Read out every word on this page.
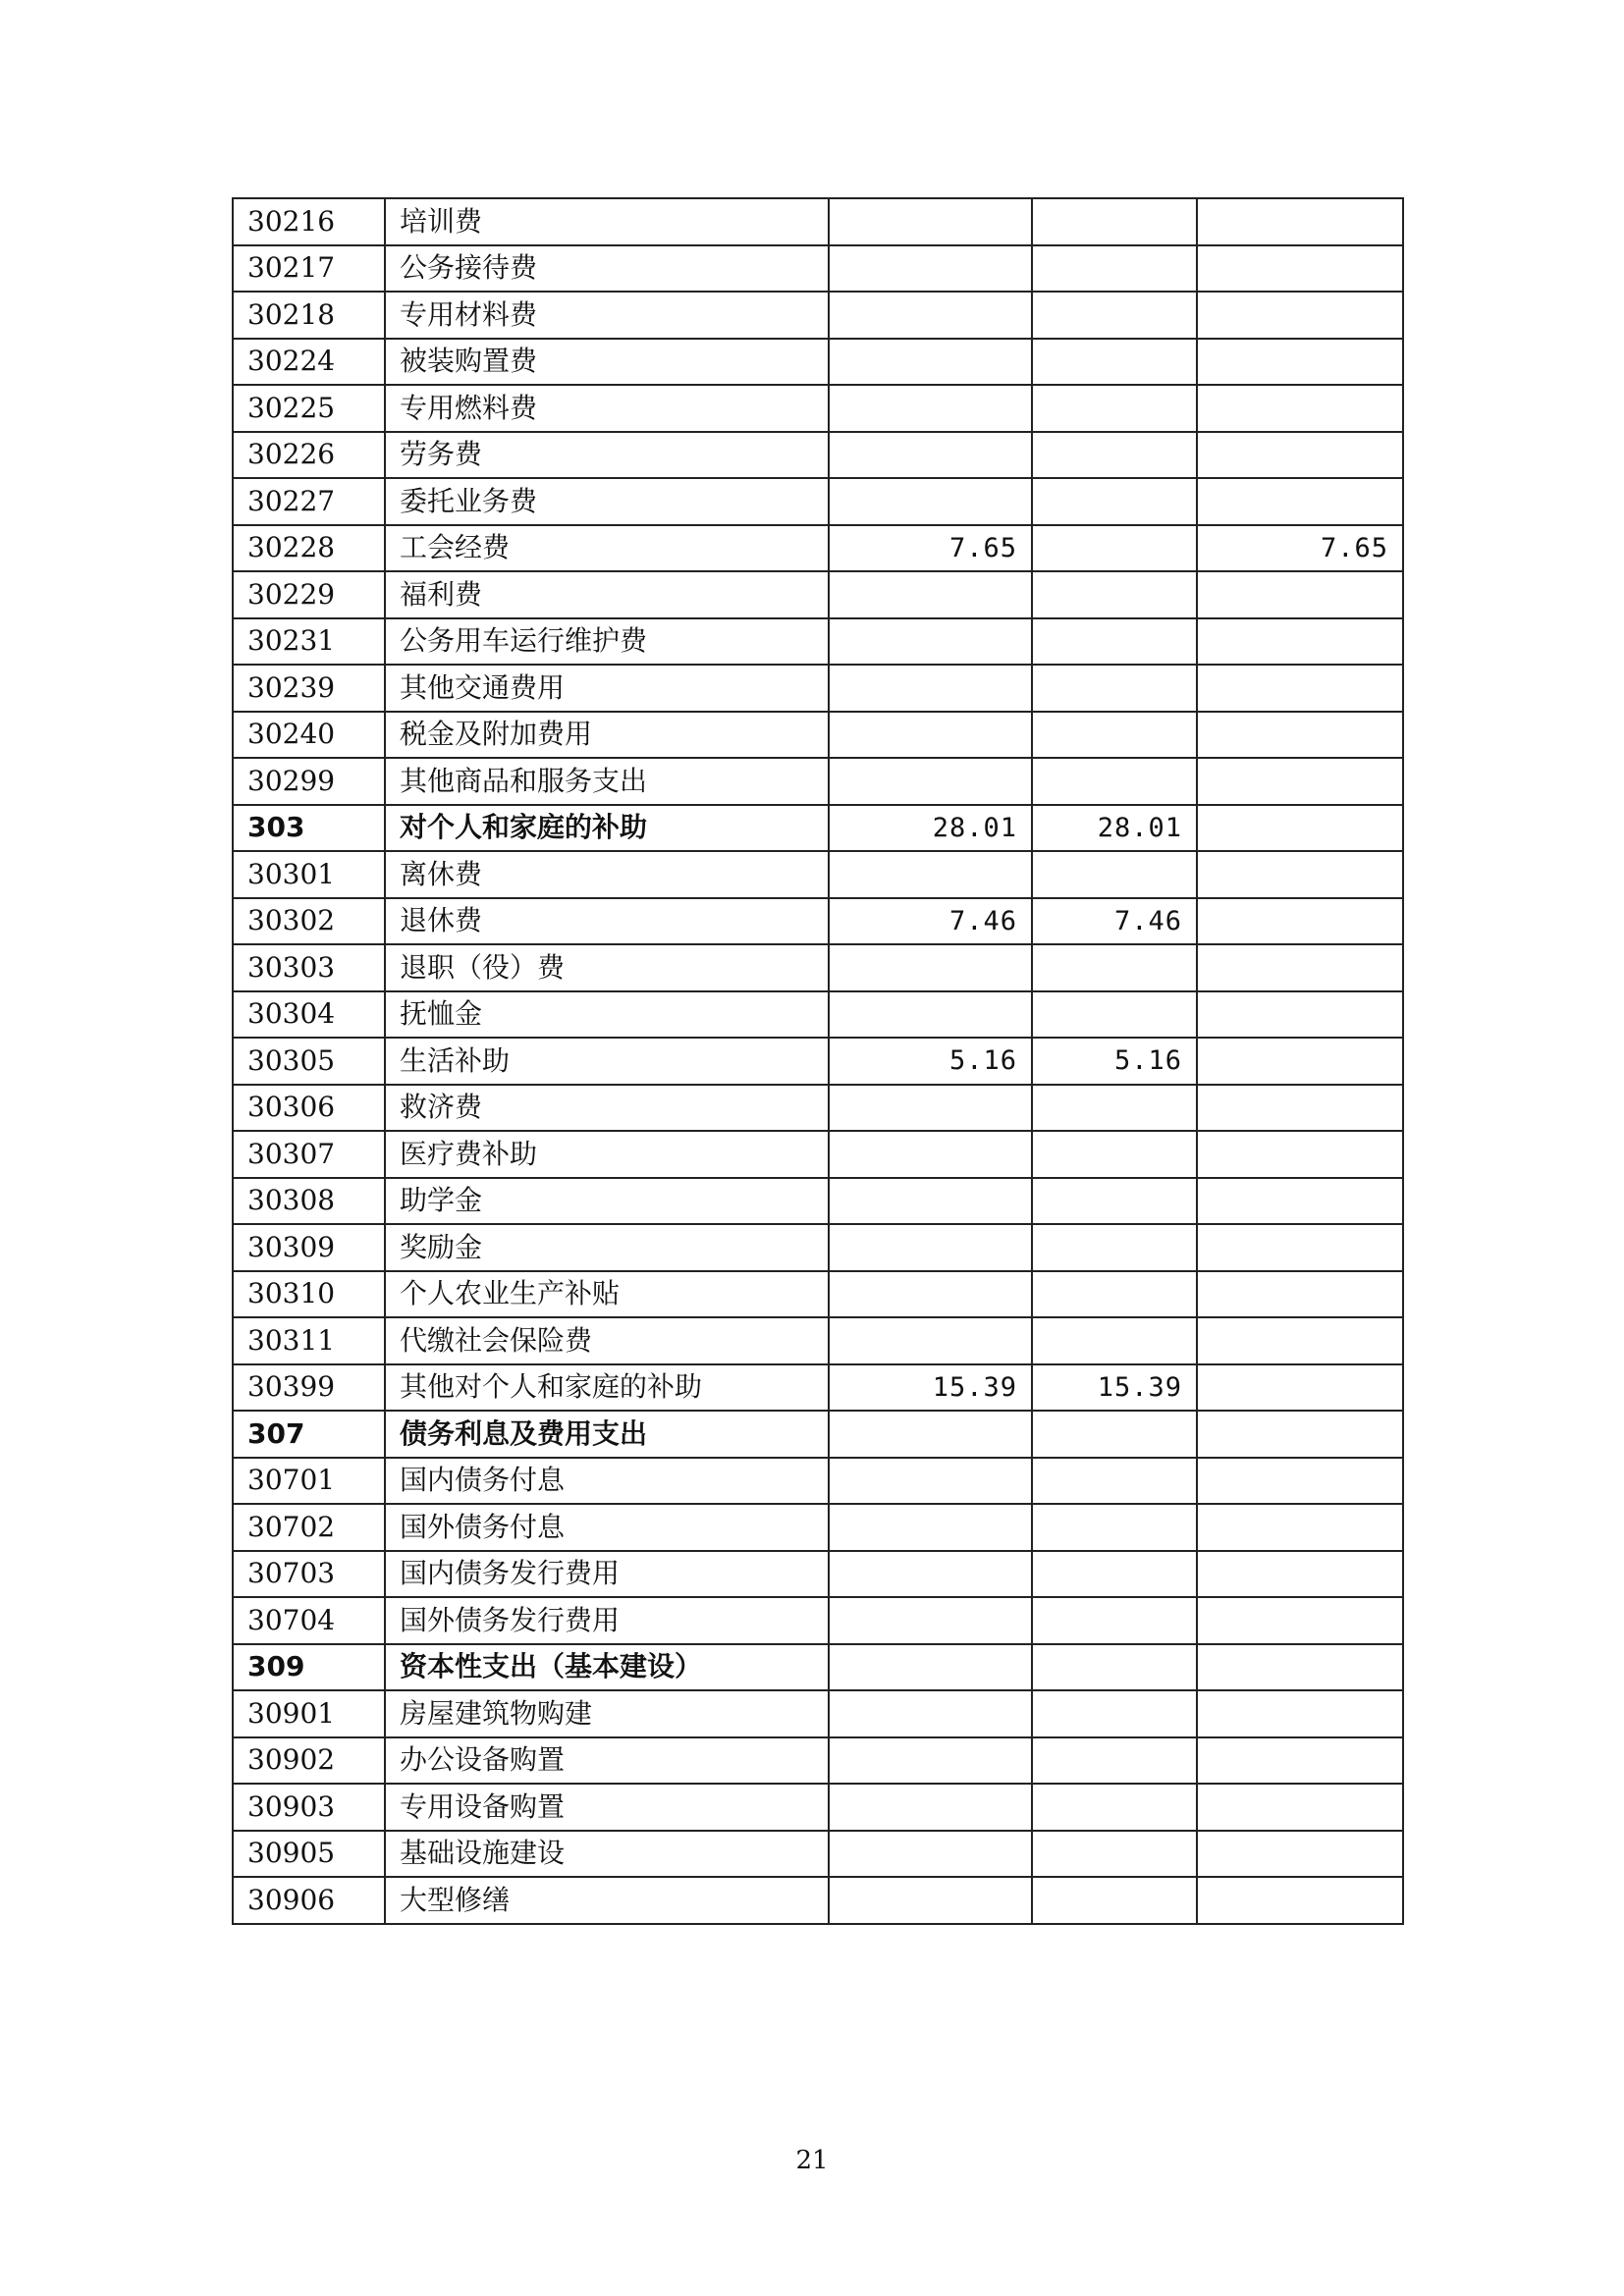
30216	培训费			
30217	公务接待费			
30218	专用材料费			
30224	被装购置费			
30225	专用燃料费			
30226	劳务费			
30227	委托业务费			
30228	工会经费	7.65		7.65
30229	福利费			
30231	公务用车运行维护费			
30239	其他交通费用			
30240	税金及附加费用			
30299	其他商品和服务支出			
303	对个人和家庭的补助	28.01	28.01	
30301	离休费			
30302	退休费	7.46	7.46	
30303	退职（役）费			
30304	抚恤金			
30305	生活补助	5.16	5.16	
30306	救济费			
30307	医疗费补助			
30308	助学金			
30309	奖励金			
30310	个人农业生产补贴			
30311	代缴社会保险费			
30399	其他对个人和家庭的补助	15.39	15.39	
307	债务利息及费用支出			
30701	国内债务付息			
30702	国外债务付息			
30703	国内债务发行费用			
30704	国外债务发行费用			
309	资本性支出（基本建设）			
30901	房屋建筑物购建			
30902	办公设备购置			
30903	专用设备购置			
30905	基础设施建设			
30906	大型修缮			
21
